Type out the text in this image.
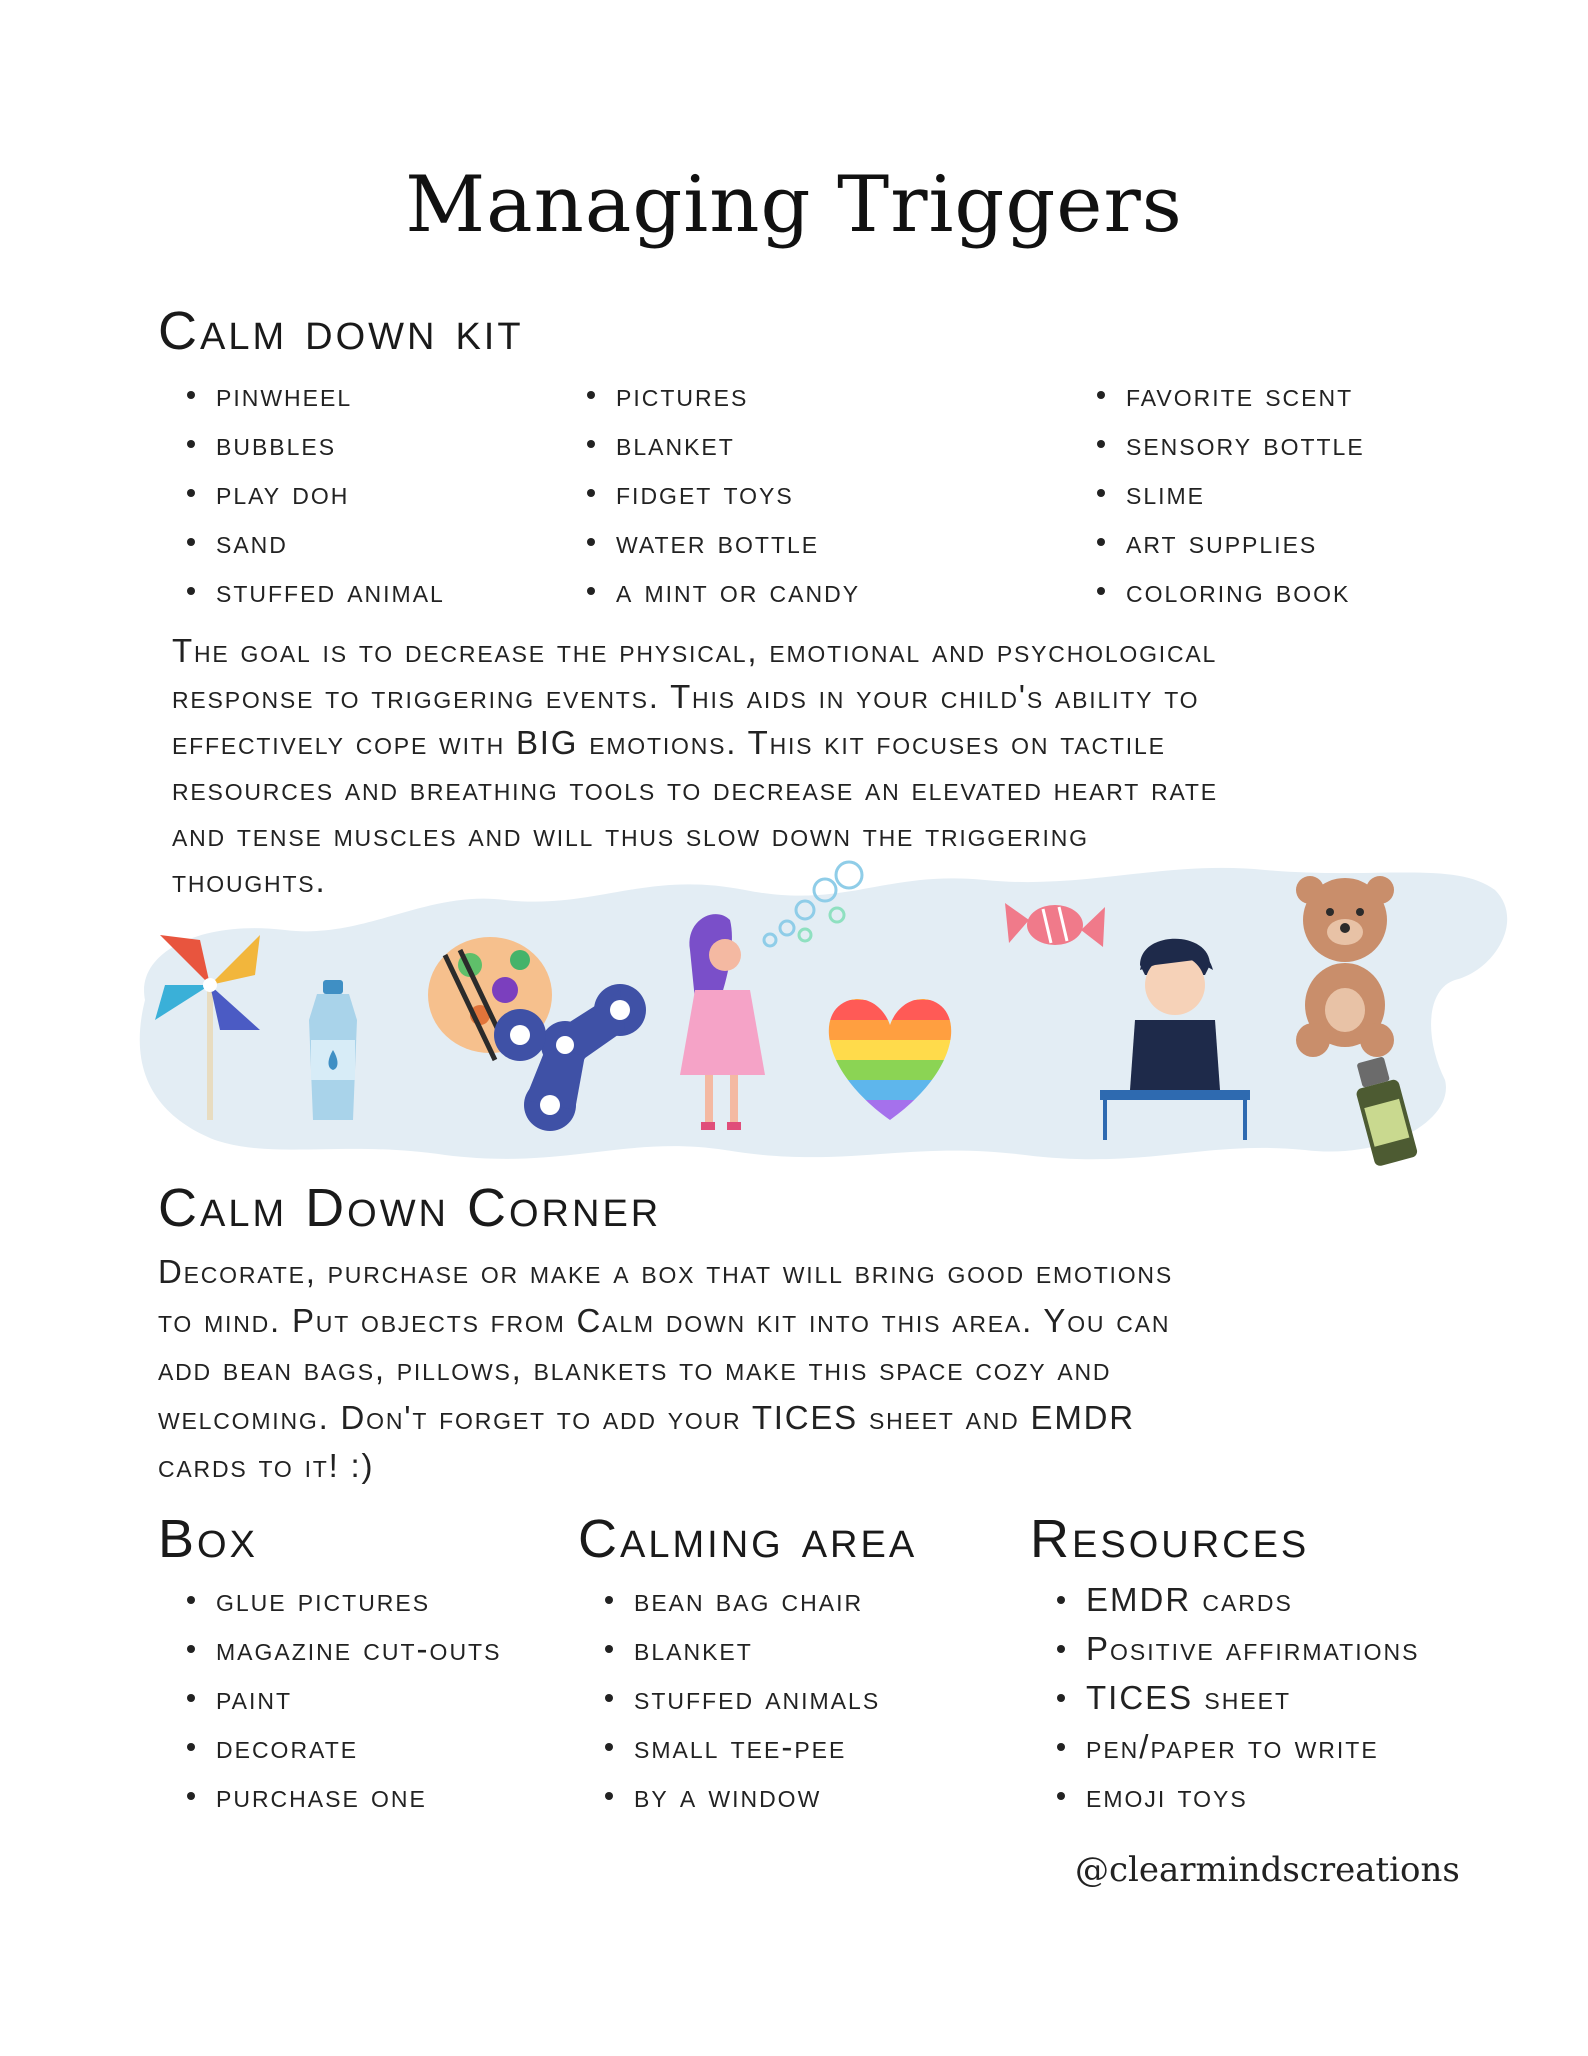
Managing Triggers
Calm down kit
pinwheel
bubbles
play doh
sand
stuffed animal
pictures
blanket
fidget toys
water bottle
a mint or candy
favorite scent
sensory bottle
slime
art supplies
coloring book
The goal is to decrease the physical, emotional and psychological
response to triggering events. This aids in your child's ability to
effectively cope with BIG emotions. This kit focuses on tactile
resources and breathing tools to decrease an elevated heart rate
and tense muscles and will thus slow down the triggering
thoughts.
Calm Down Corner
Decorate, purchase or make a box that will bring good emotions
to mind. Put objects from Calm down kit into this area. You can
add bean bags, pillows, blankets to make this space cozy and
welcoming. Don't forget to add your TICES sheet and EMDR
cards to it! :)
Box	Calming area Resources
glue pictures
magazine cut-outs
paint
decorate
purchase one
bean bag chair
blanket
stuffed animals
small tee-pee
by a window
EMDR cards
Positive affirmations
TICES sheet
pen/paper to write
emoji toys
@clearmindscreations
